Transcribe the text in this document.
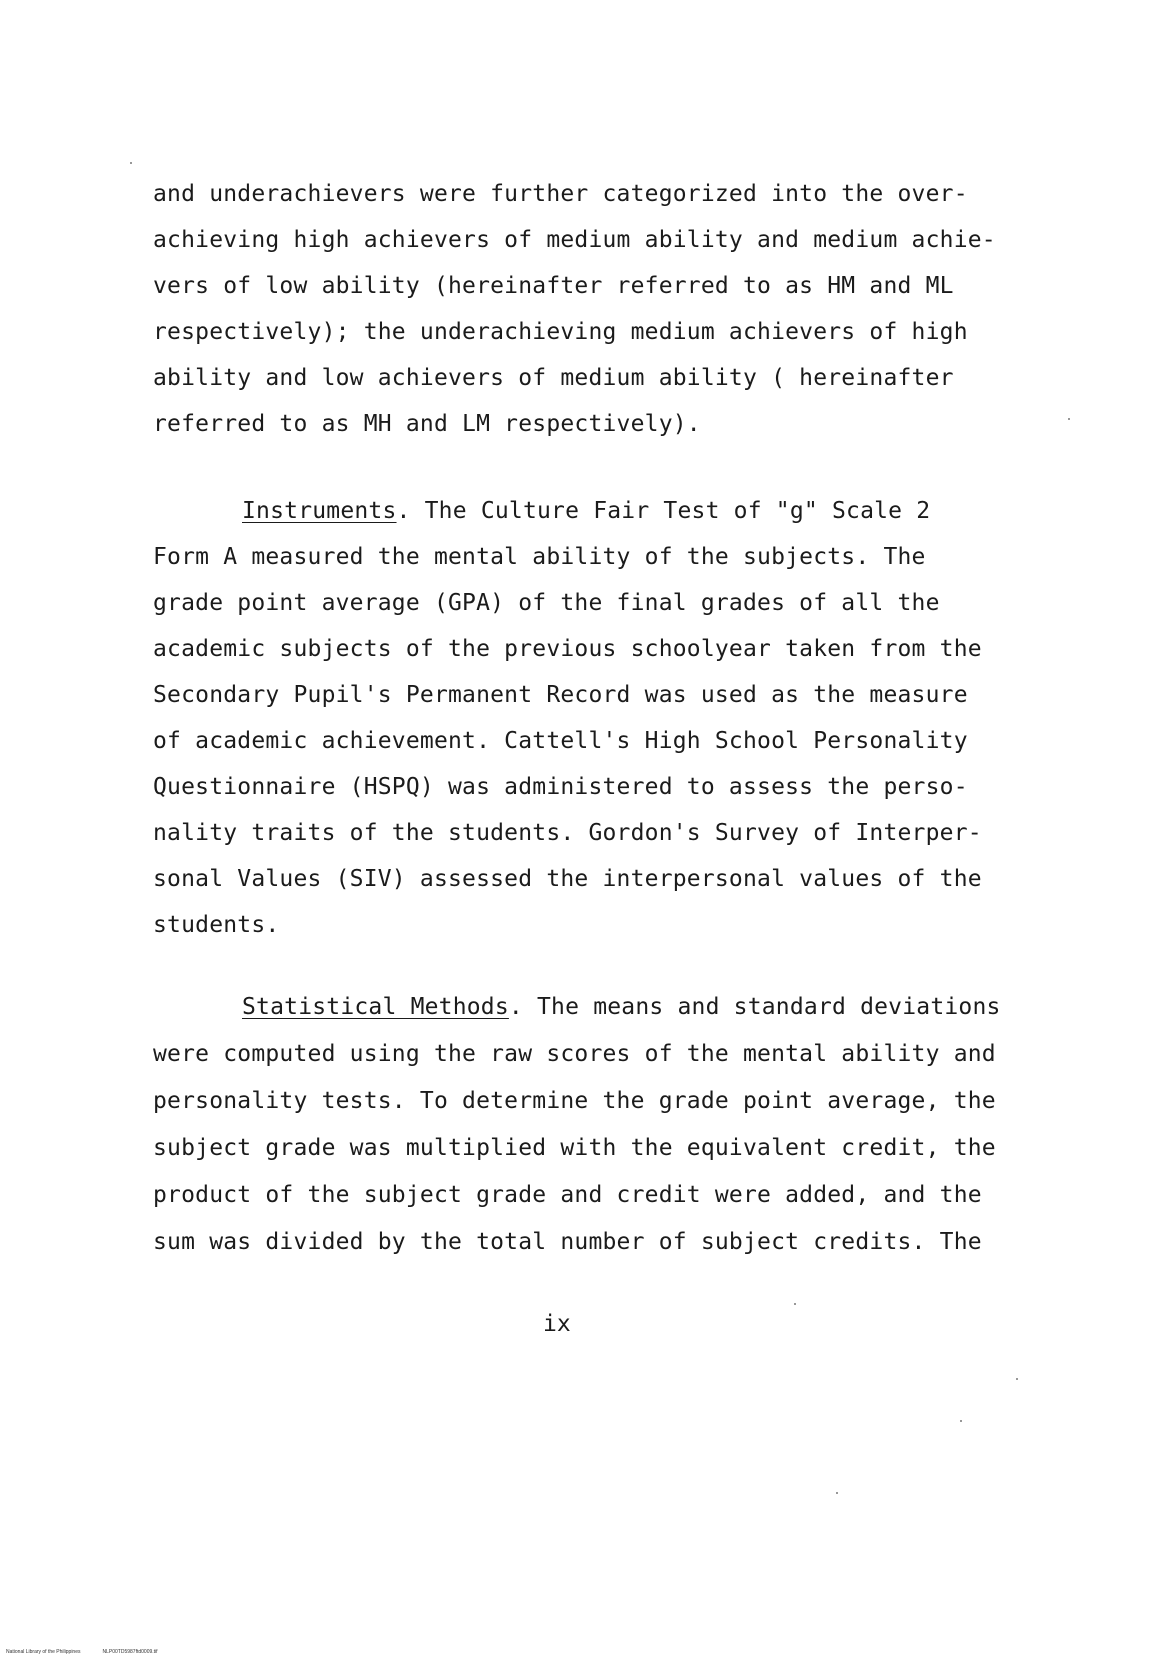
and underachievers were further categorized into the over-
achieving high achievers of medium ability and medium achie-
vers of low ability (hereinafter referred to as HM and ML
respectively); the underachieving medium achievers of high
ability and low achievers of medium ability ( hereinafter
referred to as MH and LM respectively).
Instruments. The Culture Fair Test of "g" Scale 2
Form A measured the mental ability of the subjects. The
grade point average (GPA) of the final grades of all the
academic subjects of the previous schoolyear taken from the
Secondary Pupil's Permanent Record was used as the measure
of academic achievement. Cattell's High School Personality
Questionnaire (HSPQ) was administered to assess the perso-
nality traits of the students. Gordon's Survey of Interper-
sonal Values (SIV) assessed the interpersonal values of the
students.
Statistical Methods. The means and standard deviations
were computed using the raw scores of the mental ability and
personality tests. To determine the grade point average, the
subject grade was multiplied with the equivalent credit, the
product of the subject grade and credit were added, and the
sum was divided by the total number of subject credits. The
ix
National Library of the Philippines	NLP00TD5987ftd0009.tif
